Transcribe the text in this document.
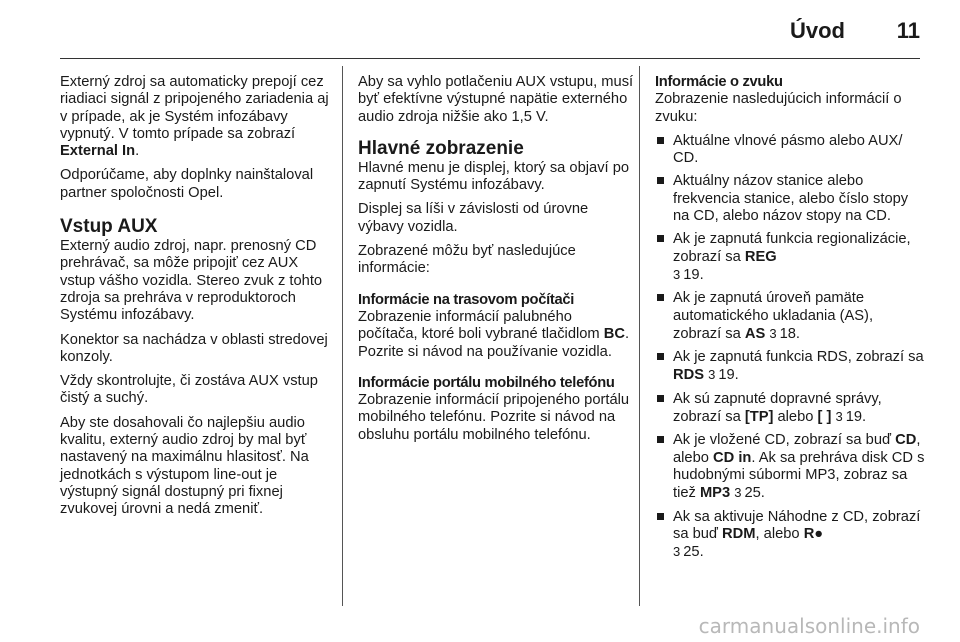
Úvod 11

Externý zdroj sa automaticky prepojí cez riadiaci signál z pripojeného zariadenia aj v prípade, ak je Systém infozábavy vypnutý. V tomto prípade sa zobrazí External In.

Odporúčame, aby doplnky nainštaloval partner spoločnosti Opel.

Vstup AUX

Externý audio zdroj, napr. prenosný CD prehrávač, sa môže pripojiť cez AUX vstup vášho vozidla. Stereo zvuk z tohto zdroja sa prehráva v reproduktoroch Systému infozábavy.

Konektor sa nachádza v oblasti stredovej konzoly.

Vždy skontrolujte, či zostáva AUX vstup čistý a suchý.

Aby ste dosahovali čo najlepšiu audio kvalitu, externý audio zdroj by mal byť nastavený na maximálnu hlasitosť. Na jednotkách s výstupom line-out je výstupný signál dostupný pri fixnej zvukovej úrovni a nedá zmeniť.

Aby sa vyhlo potlačeniu AUX vstupu, musí byť efektívne výstupné napätie externého audio zdroja nižšie ako 1,5 V.

Hlavné zobrazenie

Hlavné menu je displej, ktorý sa objaví po zapnutí Systému infozábavy.

Displej sa líši v závislosti od úrovne výbavy vozidla.

Zobrazené môžu byť nasledujúce informácie:

Informácie na trasovom počítači

Zobrazenie informácií palubného počítača, ktoré boli vybrané tlačidlom BC. Pozrite si návod na používanie vozidla.

Informácie portálu mobilného telefónu

Zobrazenie informácií pripojeného portálu mobilného telefónu. Pozrite si návod na obsluhu portálu mobilného telefónu.

Informácie o zvuku

Zobrazenie nasledujúcich informácií o zvuku:

Aktuálne vlnové pásmo alebo AUX/ CD.
Aktuálny názov stanice alebo frekvencia stanice, alebo číslo stopy na CD, alebo názov stopy na CD.
Ak je zapnutá funkcia regionalizácie, zobrazí sa REG
3 19.
Ak je zapnutá úroveň pamäte automatického ukladania (AS), zobrazí sa AS 3 18.
Ak je zapnutá funkcia RDS, zobrazí sa RDS 3 19.
Ak sú zapnuté dopravné správy, zobrazí sa [TP] alebo [ ] 3 19.
Ak je vložené CD, zobrazí sa buď CD, alebo CD in. Ak sa prehráva disk CD s hudobnými súbormi MP3, zobraz sa tiež MP3 3 25.
Ak sa aktivuje Náhodne z CD, zobrazí sa buď RDM, alebo R●
3 25.
carmanualsonline.info
